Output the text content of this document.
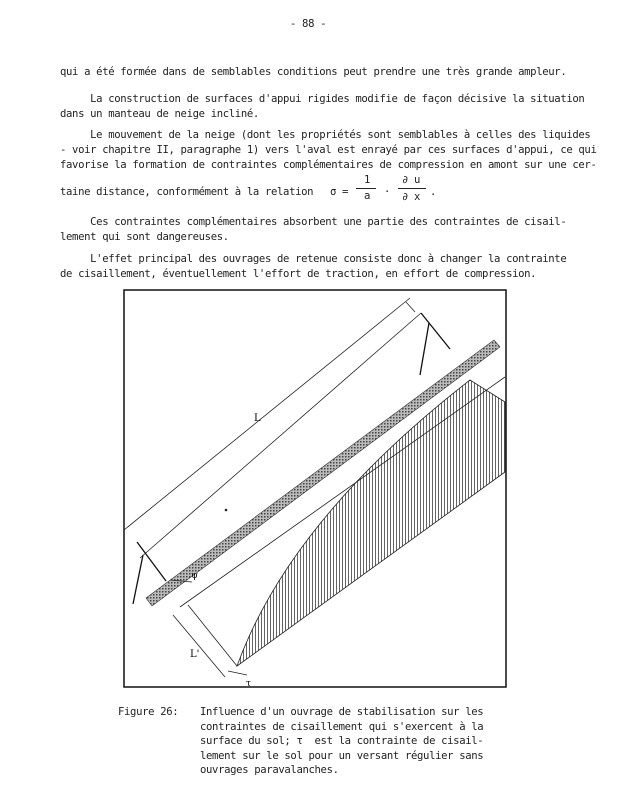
- 88 -
qui a été formée dans de semblables conditions peut prendre une très grande ampleur.
La construction de surfaces d'appui rigides modifie de façon décisive la situation
dans un manteau de neige incliné.
Le mouvement de la neige (dont les propriétés sont semblables à celles des liquides
- voir chapitre II, paragraphe 1) vers l'aval est enrayé par ces surfaces d'appui, ce qui
favorise la formation de contraintes complémentaires de compression en amont sur une cer-
taine distance, conformément à la relation σ =
1
a ·
∂ u
∂ x .
Ces contraintes complémentaires absorbent une partie des contraintes de cisail-
lement qui sont dangereuses.
L'effet principal des ouvrages de retenue consiste donc à changer la contrainte
de cisaillement, éventuellement l'effort de traction, en effort de compression.
L
L'
ψ
τ
Figure 26: Influence d'un ouvrage de stabilisation sur les
contraintes de cisaillement qui s'exercent à la
surface du sol; τ  est la contrainte de cisail-
lement sur le sol pour un versant régulier sans
ouvrages paravalanches.
